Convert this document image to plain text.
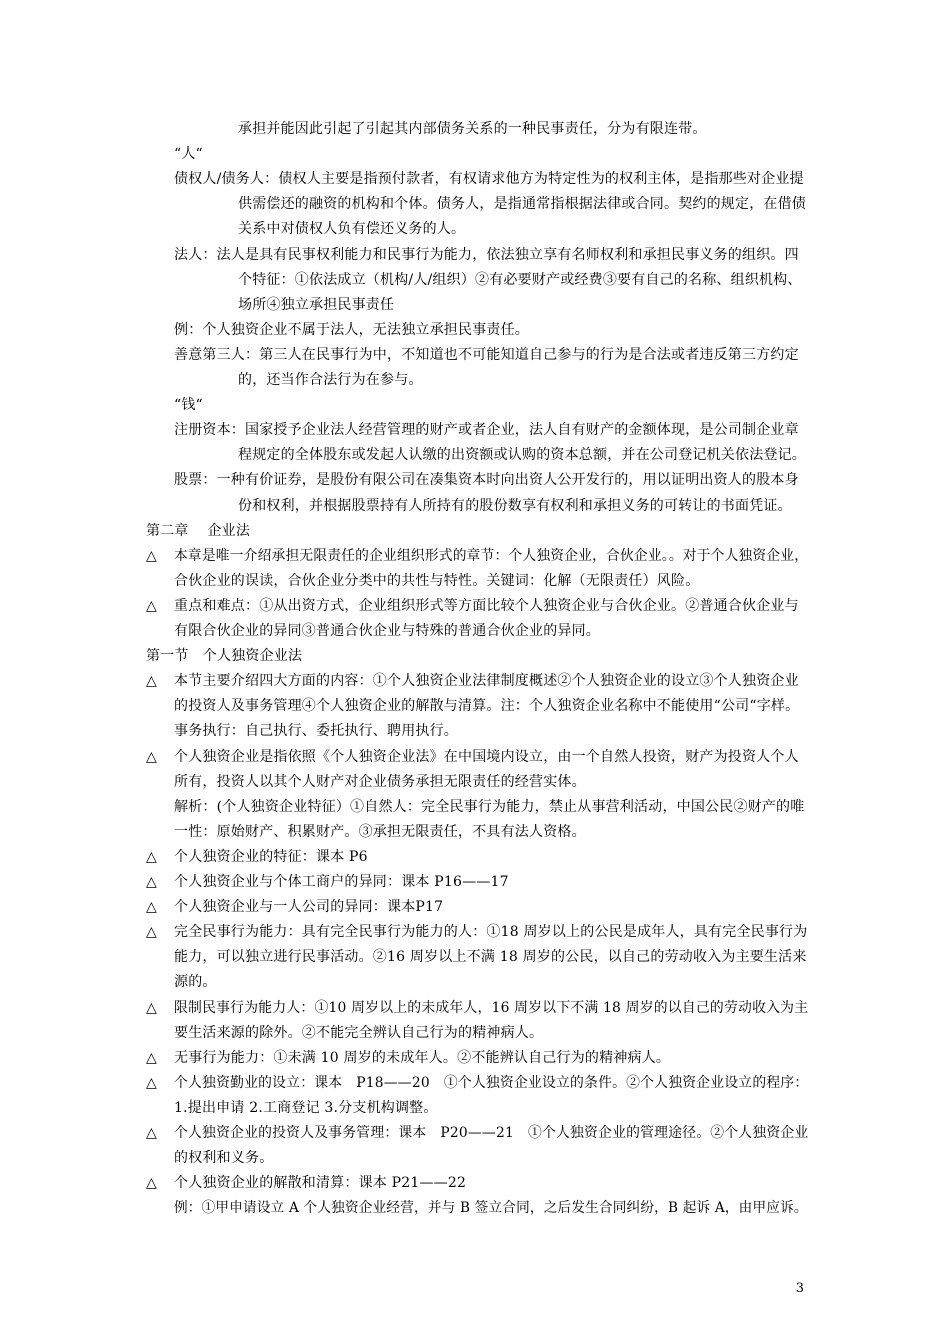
承担并能因此引起了引起其内部债务关系的一种民事责任，分为有限连带。
“人“
债权人/债务人：债权人主要是指预付款者，有权请求他方为特定性为的权利主体，是指那些对企业提
供需偿还的融资的机构和个体。债务人，是指通常指根据法律或合同。契约的规定，在借债
关系中对债权人负有偿还义务的人。
法人：法人是具有民事权利能力和民事行为能力，依法独立享有名师权利和承担民事义务的组织。四
个特征：①依法成立（机构/人/组织）②有必要财产或经费③要有自己的名称、组织机构、
场所④独立承担民事责任
例：个人独资企业不属于法人，无法独立承担民事责任。
善意第三人：第三人在民事行为中，不知道也不可能知道自己参与的行为是合法或者违反第三方约定
的，还当作合法行为在参与。
“钱“
注册资本：国家授予企业法人经营管理的财产或者企业，法人自有财产的金额体现，是公司制企业章
程规定的全体股东或发起人认缴的出资额或认购的资本总额，并在公司登记机关依法登记。
股票：一种有价证券，是股份有限公司在凑集资本时向出资人公开发行的，用以证明出资人的股本身
份和权利，并根据股票持有人所持有的股份数享有权利和承担义务的可转让的书面凭证。
第二章　 企业法
本章是唯一介绍承担无限责任的企业组织形式的章节：个人独资企业，合伙企业。。对于个人独资企业，
△
合伙企业的误读，合伙企业分类中的共性与特性。关键词：化解（无限责任）风险。
重点和难点：①从出资方式，企业组织形式等方面比较个人独资企业与合伙企业。②普通合伙企业与
△
有限合伙企业的异同③普通合伙企业与特殊的普通合伙企业的异同。
第一节　个人独资企业法
本节主要介绍四大方面的内容：①个人独资企业法律制度概述②个人独资企业的设立③个人独资企业
△
的投资人及事务管理④个人独资企业的解散与清算。注：个人独资企业名称中不能使用“公司“字样。
事务执行：自己执行、委托执行、聘用执行。
个人独资企业是指依照《个人独资企业法》在中国境内设立，由一个自然人投资，财产为投资人个人
△
所有，投资人以其个人财产对企业债务承担无限责任的经营实体。
解析：(个人独资企业特征）①自然人：完全民事行为能力，禁止从事营利活动，中国公民②财产的唯
一性：原始财产、积累财产。③承担无限责任，不具有法人资格。
个人独资企业的特征：课本 P6
△
个人独资企业与个体工商户的异同：课本 P16——17
△
个人独资企业与一人公司的异同：课本P17
△
完全民事行为能力：具有完全民事行为能力的人：①18 周岁以上的公民是成年人，具有完全民事行为
△
能力，可以独立进行民事活动。②16 周岁以上不满 18 周岁的公民，以自己的劳动收入为主要生活来
源的。
限制民事行为能力人：①10 周岁以上的未成年人，16 周岁以下不满 18 周岁的以自己的劳动收入为主
△
要生活来源的除外。②不能完全辨认自己行为的精神病人。
无事行为能力：①未满 10 周岁的未成年人。②不能辨认自己行为的精神病人。
△
个人独资勤业的设立：课本　P18——20　①个人独资企业设立的条件。②个人独资企业设立的程序：
△
1.提出申请 2.工商登记 3.分支机构调整。
个人独资企业的投资人及事务管理：课本　P20——21　①个人独资企业的管理途径。②个人独资企业
△
的权利和义务。
个人独资企业的解散和清算：课本 P21——22
△
例：①甲申请设立 A 个人独资企业经营，并与 B 签立合同，之后发生合同纠纷，B 起诉 A，由甲应诉。
3
